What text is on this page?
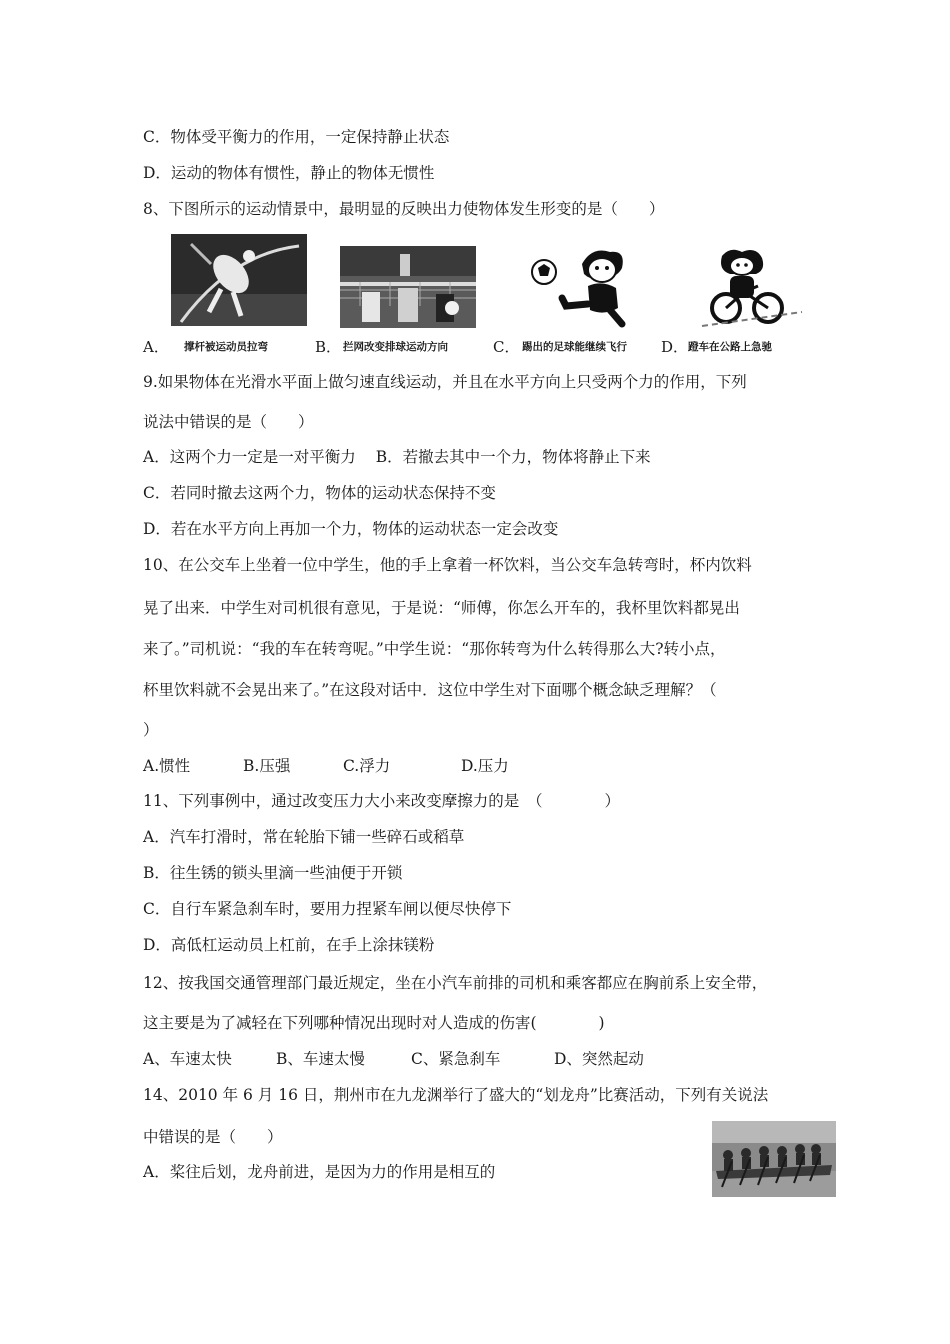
C．物体受平衡力的作用，一定保持静止状态
D．运动的物体有惯性，静止的物体无惯性
8、下图所示的运动情景中，最明显的反映出力使物体发生形变的是（　　）
A． 撑杆被运动员拉弯	B． 拦网改变排球运动方向	C． 踢出的足球能继续飞行 D． 蹬车在公路上急驰
9.如果物体在光滑水平面上做匀速直线运动，并且在水平方向上只受两个力的作用，下列
说法中错误的是（　　）
A．这两个力一定是一对平衡力 B．若撤去其中一个力，物体将静止下来
C．若同时撤去这两个力，物体的运动状态保持不变
D．若在水平方向上再加一个力，物体的运动状态一定会改变
10、在公交车上坐着一位中学生，他的手上拿着一杯饮料，当公交车急转弯时，杯内饮料
晃了出来．中学生对司机很有意见，于是说：“师傅，你怎么开车的，我杯里饮料都晃出
来了。”司机说：“我的车在转弯呢。”中学生说：“那你转弯为什么转得那么大?转小点，
杯里饮料就不会晃出来了。”在这段对话中．这位中学生对下面哪个概念缺乏理解？（
）
A.惯性	B.压强	C.浮力	D.压力
11、下列事例中，通过改变压力大小来改变摩擦力的是　（　　　　）
A．汽车打滑时，常在轮胎下铺一些碎石或稻草
B．往生锈的锁头里滴一些油便于开锁
C．自行车紧急刹车时，要用力捏紧车闸以便尽快停下
D．高低杠运动员上杠前，在手上涂抹镁粉
12、按我国交通管理部门最近规定，坐在小汽车前排的司机和乘客都应在胸前系上安全带，
这主要是为了减轻在下列哪种情况出现时对人造成的伤害(　　　　)
A、车速太快	B、车速太慢	C、紧急刹车	D、突然起动
14、2010 年 6 月 16 日，荆州市在九龙渊举行了盛大的“划龙舟”比赛活动，下列有关说法
中错误的是（　　）
A．桨往后划，龙舟前进，是因为力的作用是相互的
